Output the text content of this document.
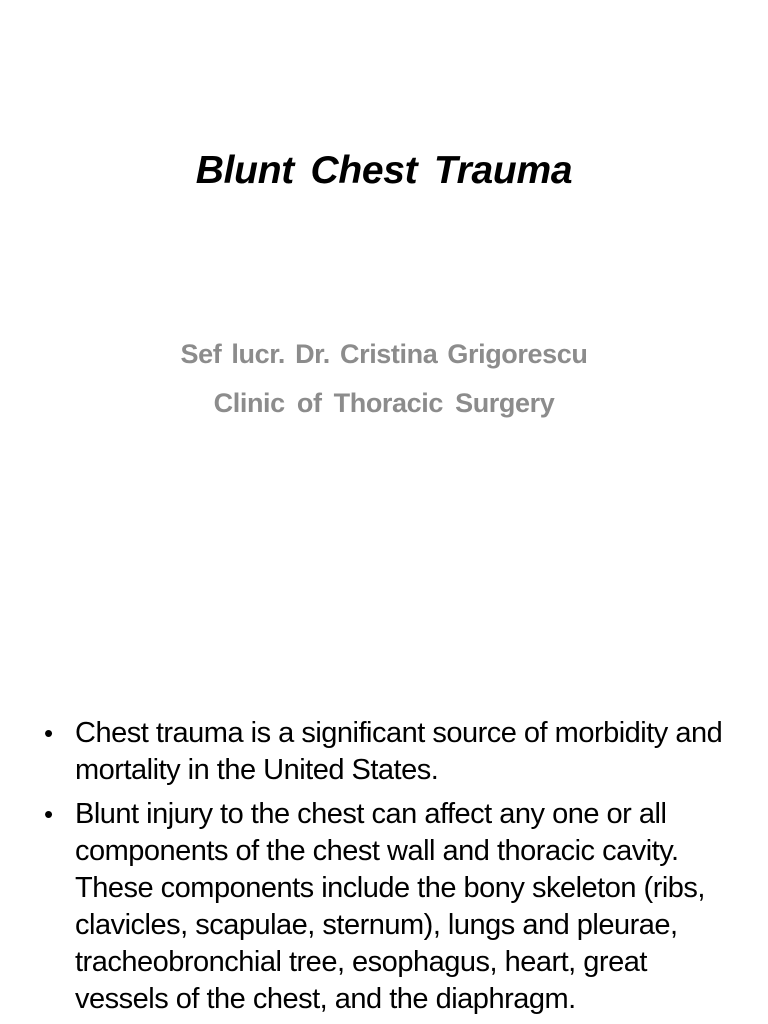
Blunt Chest Trauma
Sef lucr. Dr. Cristina Grigorescu
Clinic of Thoracic Surgery
• Chest trauma is a significant source of morbidity and mortality in the United States.
• Blunt injury to the chest can affect any one or all components of the chest wall and thoracic cavity. These components include the bony skeleton (ribs, clavicles, scapulae, sternum), lungs and pleurae, tracheobronchial tree, esophagus, heart, great vessels of the chest, and the diaphragm.
